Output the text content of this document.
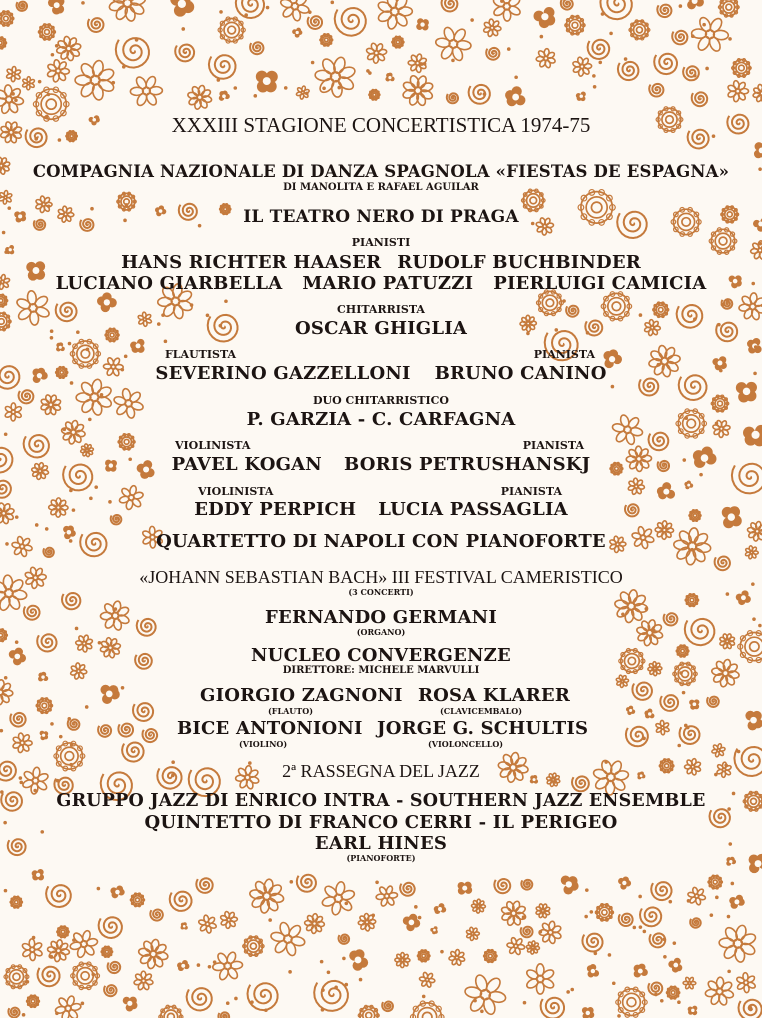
XXXIII STAGIONE CONCERTISTICA 1974-75
COMPAGNIA NAZIONALE DI DANZA SPAGNOLA «FIESTAS DE ESPAGNA»
DI MANOLITA E RAFAEL AGUILAR
IL TEATRO NERO DI PRAGA
PIANISTI
HANS RICHTER HAASER RUDOLF BUCHBINDER
LUCIANO GIARBELLA MARIO PATUZZI PIERLUIGI CAMICIA
CHITARRISTA
OSCAR GHIGLIA
FLAUTISTA	PIANISTA
SEVERINO GAZZELLONI BRUNO CANINO
DUO CHITARRISTICO
P. GARZIA - C. CARFAGNA
VIOLINISTA	PIANISTA
PAVEL KOGAN BORIS PETRUSHANSKJ
VIOLINISTA	PIANISTA
EDDY PERPICH LUCIA PASSAGLIA
QUARTETTO DI NAPOLI CON PIANOFORTE
«JOHANN SEBASTIAN BACH» III FESTIVAL CAMERISTICO
(3 CONCERTI)
FERNANDO GERMANI
(ORGANO)
NUCLEO CONVERGENZE
DIRETTORE: MICHELE MARVULLI
GIORGIO ZAGNONI
(FLAUTO)
ROSA KLARER
(CLAVICEMBALO)
BICE ANTONIONI
(VIOLINO)
JORGE G. SCHULTIS
(VIOLONCELLO)
2ª RASSEGNA DEL JAZZ
GRUPPO JAZZ DI ENRICO INTRA - SOUTHERN JAZZ ENSEMBLE
QUINTETTO DI FRANCO CERRI - IL PERIGEO
EARL HINES
(PIANOFORTE)
